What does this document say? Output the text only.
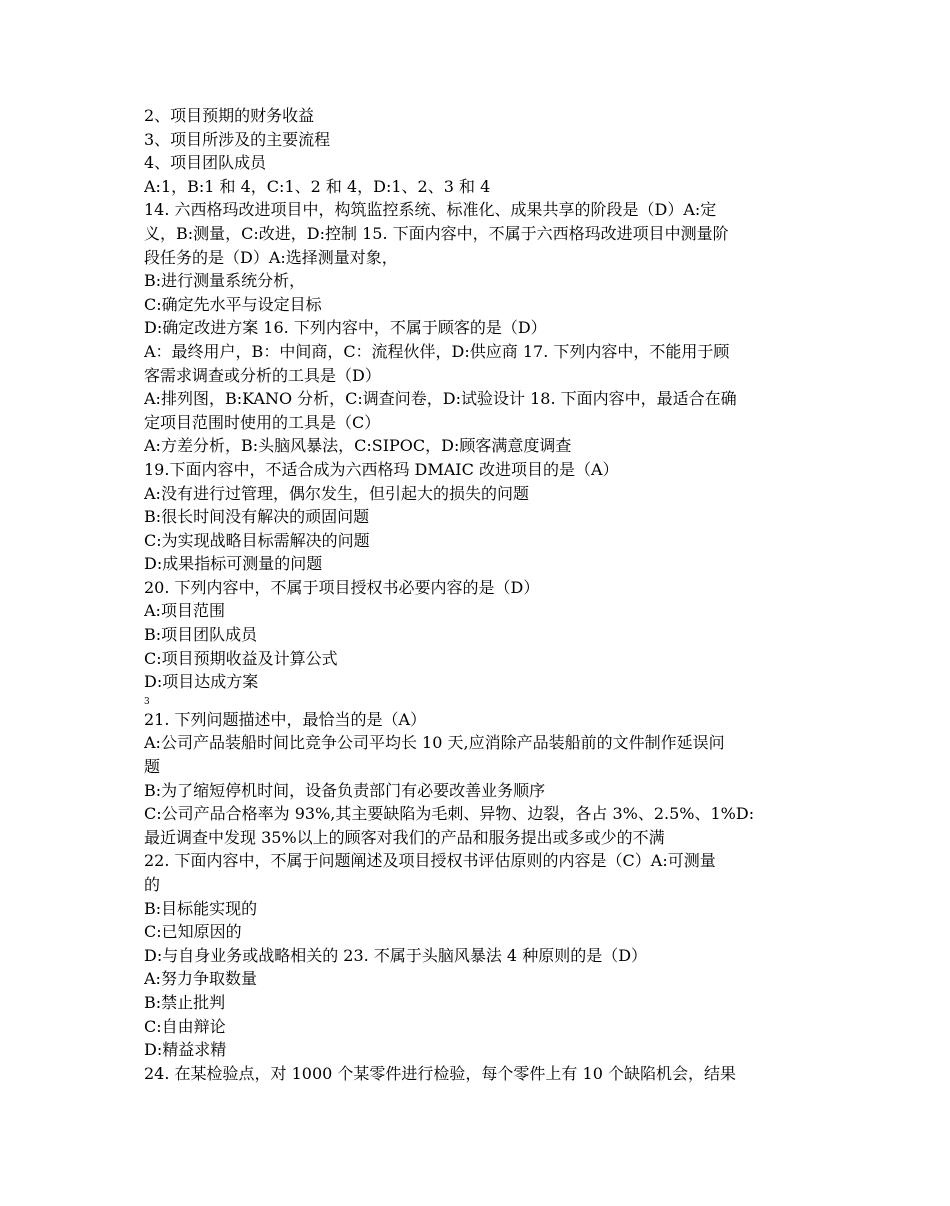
2、项目预期的财务收益
3、项目所涉及的主要流程
4、项目团队成员
A:1，B:1 和 4，C:1、2 和 4，D:1、2、3 和 4
14. 六西格玛改进项目中，构筑监控系统、标准化、成果共享的阶段是（D）A:定
义，B:测量，C:改进，D:控制 15. 下面内容中，不属于六西格玛改进项目中测量阶
段任务的是（D）A:选择测量对象，
B:进行测量系统分析，
C:确定先水平与设定目标
D:确定改进方案 16. 下列内容中，不属于顾客的是（D）
A：最终用户，B：中间商，C：流程伙伴，D:供应商 17. 下列内容中，不能用于顾
客需求调查或分析的工具是（D）
A:排列图，B:KANO 分析，C:调查问卷，D:试验设计 18. 下面内容中，最适合在确
定项目范围时使用的工具是（C）
A:方差分析，B:头脑风暴法，C:SIPOC，D:顾客满意度调查
19.下面内容中，不适合成为六西格玛 DMAIC 改进项目的是（A）
A:没有进行过管理，偶尔发生，但引起大的损失的问题
B:很长时间没有解决的顽固问题
C:为实现战略目标需解决的问题
D:成果指标可测量的问题
20. 下列内容中，不属于项目授权书必要内容的是（D）
A:项目范围
B:项目团队成员
C:项目预期收益及计算公式
D:项目达成方案
3
21. 下列问题描述中，最恰当的是（A）
A:公司产品装船时间比竞争公司平均长 10 天,应消除产品装船前的文件制作延误问
题
B:为了缩短停机时间，设备负责部门有必要改善业务顺序
C:公司产品合格率为 93%,其主要缺陷为毛刺、异物、边裂，各占 3%、2.5%、1%D:
最近调查中发现 35%以上的顾客对我们的产品和服务提出或多或少的不满
22. 下面内容中，不属于问题阐述及项目授权书评估原则的内容是（C）A:可测量
的
B:目标能实现的
C:已知原因的
D:与自身业务或战略相关的 23. 不属于头脑风暴法 4 种原则的是（D）
A:努力争取数量
B:禁止批判
C:自由辩论
D:精益求精
24. 在某检验点，对 1000 个某零件进行检验，每个零件上有 10 个缺陷机会，结果
